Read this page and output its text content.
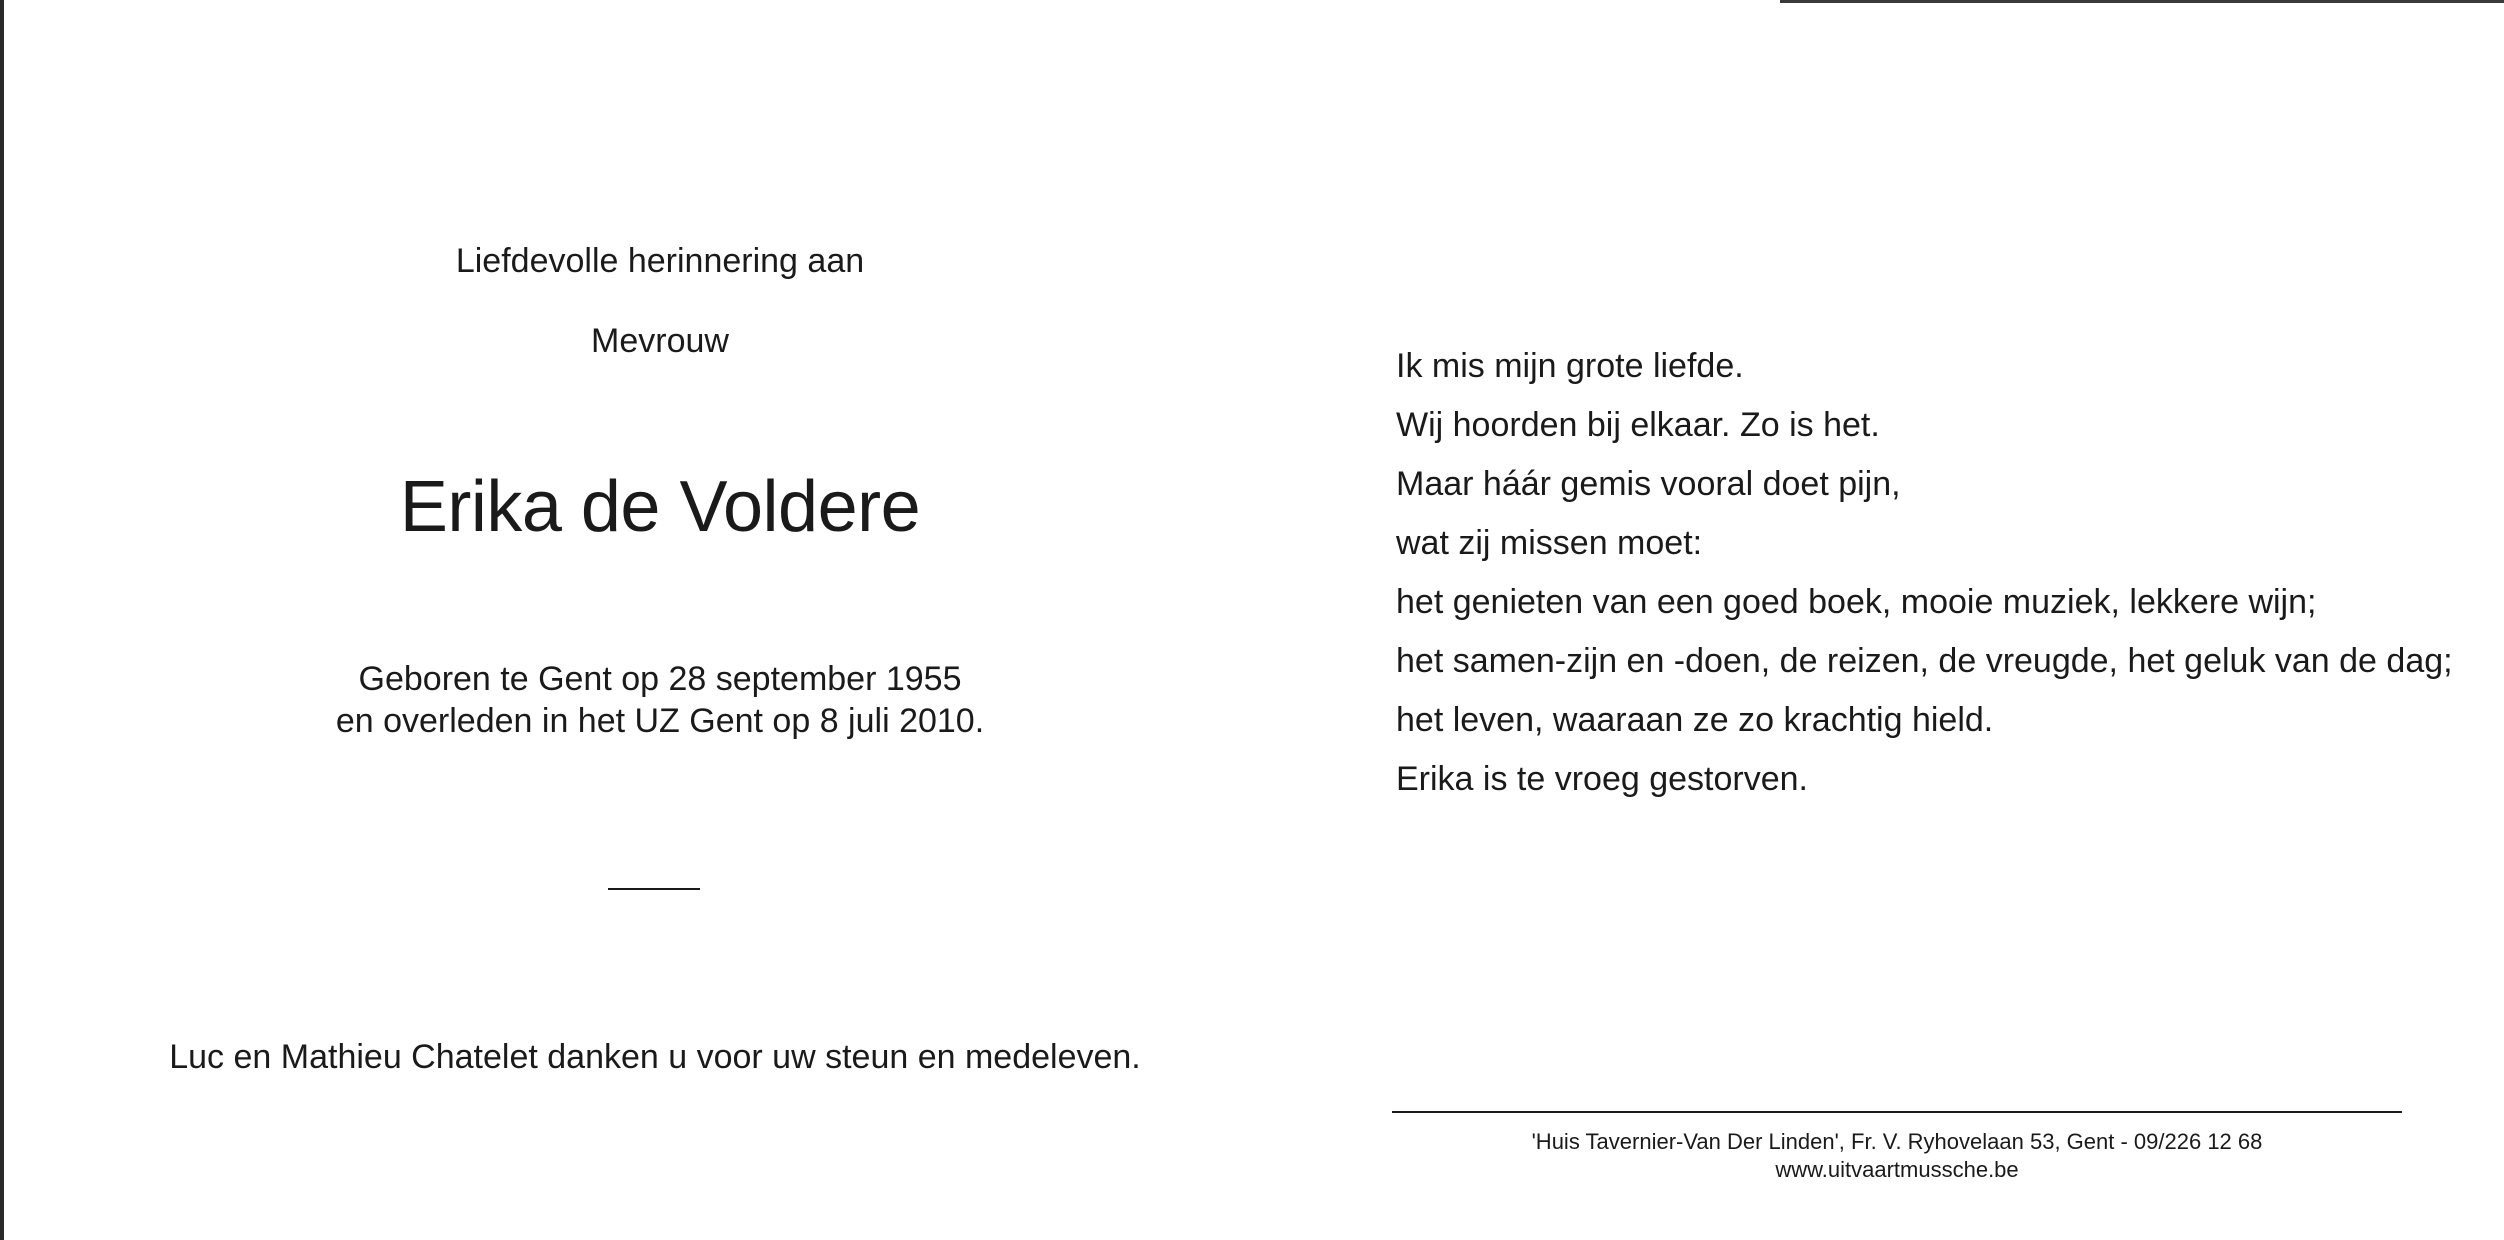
Liefdevolle herinnering aan
Mevrouw
Erika de Voldere
Geboren te Gent op 28 september 1955
en overleden in het UZ Gent op 8 juli 2010.
Luc en Mathieu Chatelet danken u voor uw steun en medeleven.
Ik mis mijn grote liefde.
Wij hoorden bij elkaar. Zo is het.
Maar háár gemis vooral doet pijn,
wat zij missen moet:
het genieten van een goed boek, mooie muziek, lekkere wijn;
het samen-zijn en -doen, de reizen, de vreugde, het geluk van de dag;
het leven, waaraan ze zo krachtig hield.
Erika is te vroeg gestorven.
'Huis Tavernier-Van Der Linden', Fr. V. Ryhovelaan 53, Gent - 09/226 12 68
www.uitvaartmussche.be
